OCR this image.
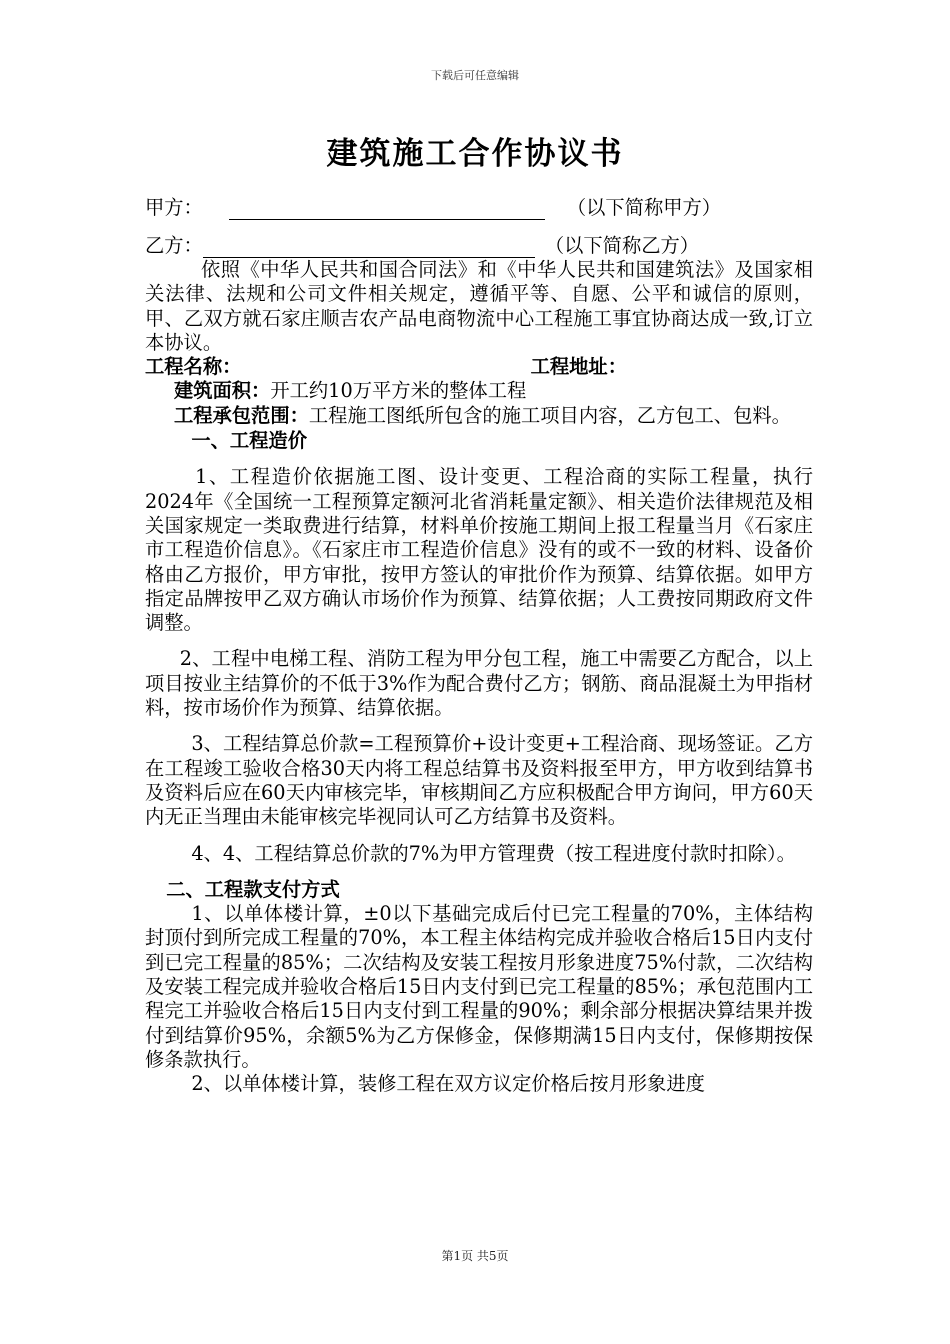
下载后可任意编辑
建筑施工合作协议书
甲方：	（以下简称甲方）
乙方：	（以下简称乙方）

依照《中华人民共和国合同法》和《中华人民共和国建筑法》及国家相关法律、法规和公司文件相关规定，遵循平等、自愿、公平和诚信的原则，甲、乙双方就石家庄顺吉农产品电商物流中心工程施工事宜协商达成一致,订立本协议。

工程名称：	工程地址：

建筑面积：开工约10万平方米的整体工程

工程承包范围：工程施工图纸所包含的施工项目内容，乙方包工、包料。

一、工程造价

1、工程造价依据施工图、设计变更、工程洽商的实际工程量，执行2024年《全国统一工程预算定额河北省消耗量定额》、相关造价法律规范及相关国家规定一类取费进行结算，材料单价按施工期间上报工程量当月《石家庄市工程造价信息》。《石家庄市工程造价信息》没有的或不一致的材料、设备价格由乙方报价，甲方审批，按甲方签认的审批价作为预算、结算依据。如甲方指定品牌按甲乙双方确认市场价作为预算、结算依据；人工费按同期政府文件调整。

2、工程中电梯工程、消防工程为甲分包工程，施工中需要乙方配合，以上项目按业主结算价的不低于3%作为配合费付乙方；钢筋、商品混凝土为甲指材料，按市场价作为预算、结算依据。

3、工程结算总价款=工程预算价+设计变更+工程洽商、现场签证。乙方在工程竣工验收合格30天内将工程总结算书及资料报至甲方，甲方收到结算书及资料后应在60天内审核完毕，审核期间乙方应积极配合甲方询问，甲方60天内无正当理由未能审核完毕视同认可乙方结算书及资料。

4、4、工程结算总价款的7%为甲方管理费（按工程进度付款时扣除）。

二、工程款支付方式

1、以单体楼计算，±0以下基础完成后付已完工程量的70%，主体结构封顶付到所完成工程量的70%，本工程主体结构完成并验收合格后15日内支付到已完工程量的85%；二次结构及安装工程按月形象进度75%付款，二次结构及安装工程完成并验收合格后15日内支付到已完工程量的85%；承包范围内工程完工并验收合格后15日内支付到工程量的90%；剩余部分根据决算结果并拨付到结算价95%，余额5%为乙方保修金，保修期满15日内支付，保修期按保修条款执行。

2、以单体楼计算，装修工程在双方议定价格后按月形象进度

第1页 共5页
